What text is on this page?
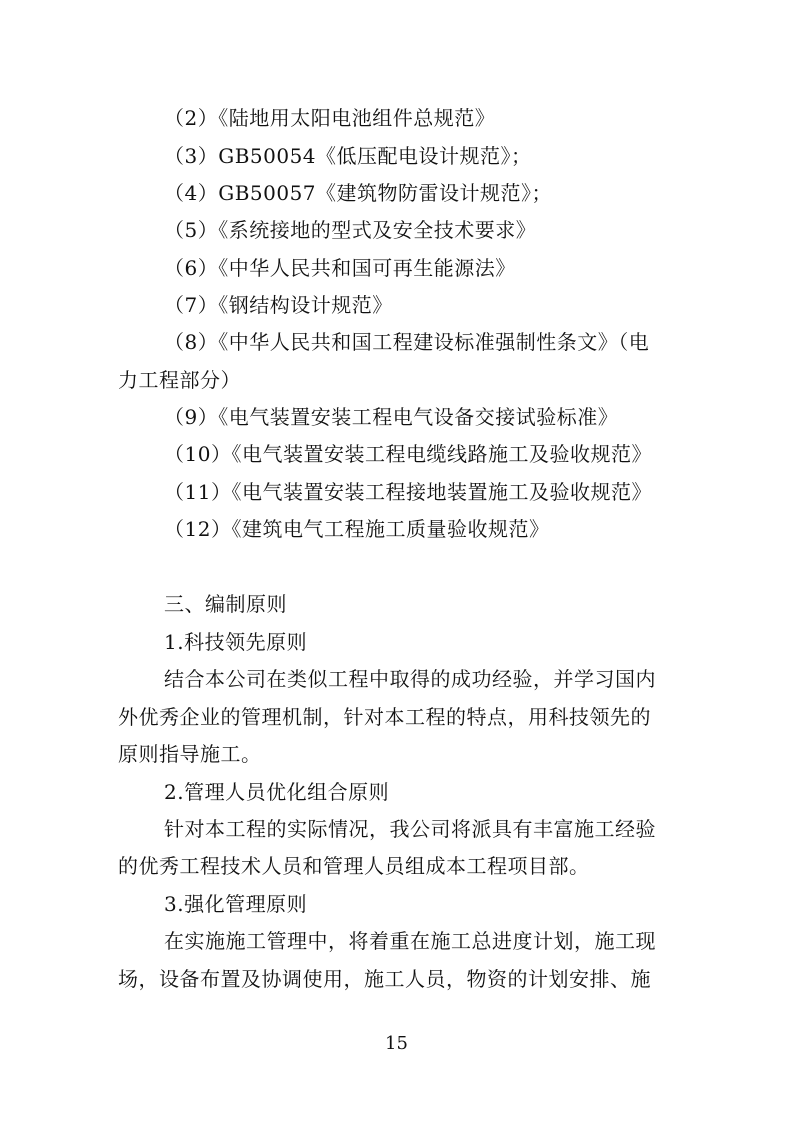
（2）《陆地用太阳电池组件总规范》
（3）GB50054《低压配电设计规范》；
（4）GB50057《建筑物防雷设计规范》；
（5）《系统接地的型式及安全技术要求》
（6）《中华人民共和国可再生能源法》
（7）《钢结构设计规范》
（8）《中华人民共和国工程建设标准强制性条文》（电
力工程部分）
（9）《电气装置安装工程电气设备交接试验标准》
（10）《电气装置安装工程电缆线路施工及验收规范》
（11）《电气装置安装工程接地装置施工及验收规范》
（12）《建筑电气工程施工质量验收规范》
三、编制原则
1.科技领先原则
结合本公司在类似工程中取得的成功经验，并学习国内
外优秀企业的管理机制，针对本工程的特点，用科技领先的
原则指导施工。
2.管理人员优化组合原则
针对本工程的实际情况，我公司将派具有丰富施工经验
的优秀工程技术人员和管理人员组成本工程项目部。
3.强化管理原则
在实施施工管理中，将着重在施工总进度计划，施工现
场，设备布置及协调使用，施工人员，物资的计划安排、施
15
